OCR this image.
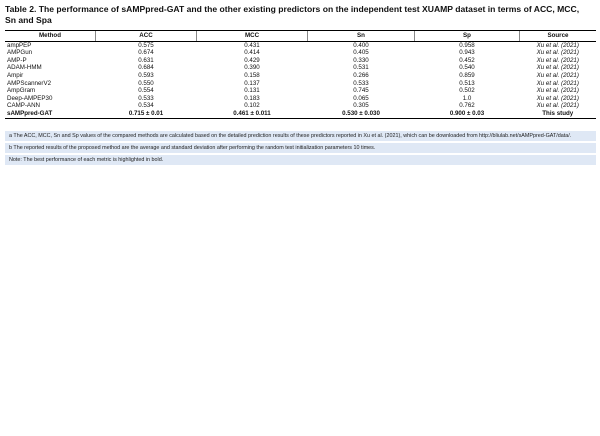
Table 2. The performance of sAMPpred-GAT and the other existing predictors on the independent test XUAMP dataset in terms of ACC, MCC, Sn and Spa
Method	ACC	MCC	Sn	Sp	Source
ampPEP	0.575	0.431	0.400	0.958	Xu et al. (2021)
AMPGun	0.674	0.414	0.405	0.943	Xu et al. (2021)
AMP-P	0.631	0.429	0.330	0.452	Xu et al. (2021)
ADAM-HMM	0.684	0.390	0.531	0.540	Xu et al. (2021)
Ampir	0.593	0.158	0.266	0.859	Xu et al. (2021)
AMPScannerV2	0.550	0.137	0.533	0.513	Xu et al. (2021)
AmpGram	0.554	0.131	0.745	0.502	Xu et al. (2021)
Deep-AMPEP30	0.533	0.183	0.065	1.0	Xu et al. (2021)
CAMP-ANN	0.534	0.102	0.305	0.762	Xu et al. (2021)
sAMPpred-GAT	0.715 ± 0.01	0.461 ± 0.011	0.530 ± 0.030	0.900 ± 0.03	This study
a The ACC, MCC, Sn and Sp values of the compared methods are calculated based on the detailed prediction results of these predictors reported in Xu et al. (2021), which can be downloaded from http://bliulab.net/sAMPpred-GAT/data/.
b The reported results of the proposed method are the average and standard deviation after performing the random test initialization parameters 10 times.
Note: The best performance of each metric is highlighted in bold.
